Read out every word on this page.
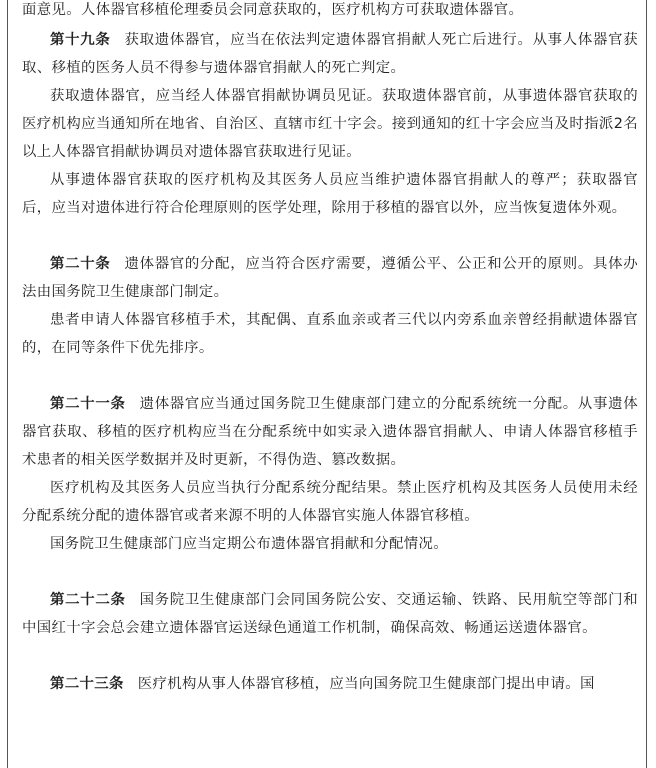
面意见。人体器官移植伦理委员会同意获取的，医疗机构方可获取遗体器官。

第十九条 获取遗体器官，应当在依法判定遗体器官捐献人死亡后进行。从事人体器官获取、移植的医务人员不得参与遗体器官捐献人的死亡判定。

获取遗体器官，应当经人体器官捐献协调员见证。获取遗体器官前，从事遗体器官获取的医疗机构应当通知所在地省、自治区、直辖市红十字会。接到通知的红十字会应当及时指派2名以上人体器官捐献协调员对遗体器官获取进行见证。

从事遗体器官获取的医疗机构及其医务人员应当维护遗体器官捐献人的尊严；获取器官后，应当对遗体进行符合伦理原则的医学处理，除用于移植的器官以外，应当恢复遗体外观。

第二十条 遗体器官的分配，应当符合医疗需要，遵循公平、公正和公开的原则。具体办法由国务院卫生健康部门制定。

患者申请人体器官移植手术，其配偶、直系血亲或者三代以内旁系血亲曾经捐献遗体器官的，在同等条件下优先排序。

第二十一条 遗体器官应当通过国务院卫生健康部门建立的分配系统统一分配。从事遗体器官获取、移植的医疗机构应当在分配系统中如实录入遗体器官捐献人、申请人体器官移植手术患者的相关医学数据并及时更新，不得伪造、篡改数据。

医疗机构及其医务人员应当执行分配系统分配结果。禁止医疗机构及其医务人员使用未经分配系统分配的遗体器官或者来源不明的人体器官实施人体器官移植。

国务院卫生健康部门应当定期公布遗体器官捐献和分配情况。

第二十二条 国务院卫生健康部门会同国务院公安、交通运输、铁路、民用航空等部门和中国红十字会总会建立遗体器官运送绿色通道工作机制，确保高效、畅通运送遗体器官。

第二十三条 医疗机构从事人体器官移植，应当向国务院卫生健康部门提出申请。国
